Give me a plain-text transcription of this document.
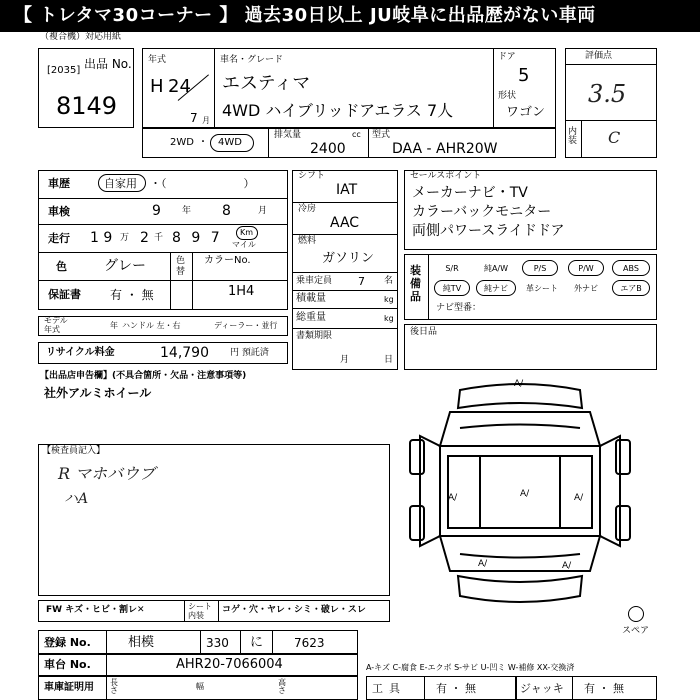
【 トレタマ30コーナー 】 過去30日以上 JU岐阜に出品歴がない車両
（複合機）対応用紙
出品 No.
[2035]
8149
年式
H 24
7 月
車名・グレード
エスティマ
4WD ハイブリッドアエラス 7人
ドア
5
形状
ワゴン
評価点
3.5
内装 C
2WD ・ 4WD
排気量	cc
2400
型式
DAA - AHR20W
車歴	自家用 ・（　　　　　　　）
車検	9 年 8	月
走行 1 9 万 2 千 8 9 7 Km
マイル
色	グレー	色替
カラーNo.
1H4
保証書 有 ・ 無
モデル
年式	年 ハンドル 左・右	ディーラー・並行
リサイクル料金	14,790 円 預託済
シフト
IAT
冷房
AAC
燃料
ガソリン
乗車定員 7 名
積載量	kg
総重量	kg
書類期限
月	日
セールスポイント
メーカーナビ・TV
カラーバックモニター
両側パワースライドドア
装備品
S/R	純A/W	P/S	P/W	ABS
純TV	純ナビ	革シート	外ナビ	エアB
ナビ型番：
後日品
【出品店申告欄】(不具合箇所・欠品・注意事項等)
社外アルミホイール
【検査員記入】
R マホバウブ
ハA
A/
A/	A/	A/
A/	A/
スペア
FW キズ・ヒビ・割レ✕	シート内装
コゲ・穴・ヤレ・シミ・破レ・スレ
登録 No.	相模	330 に	7623
車台 No.	AHR20-7066004
車庫証明用 長さ	幅	高さ
A-キズ C-腐食 E-エクボ S-サビ U-凹ミ W-補修 XX-交換済
工具	有 ・ 無	ジャッキ 有 ・ 無
